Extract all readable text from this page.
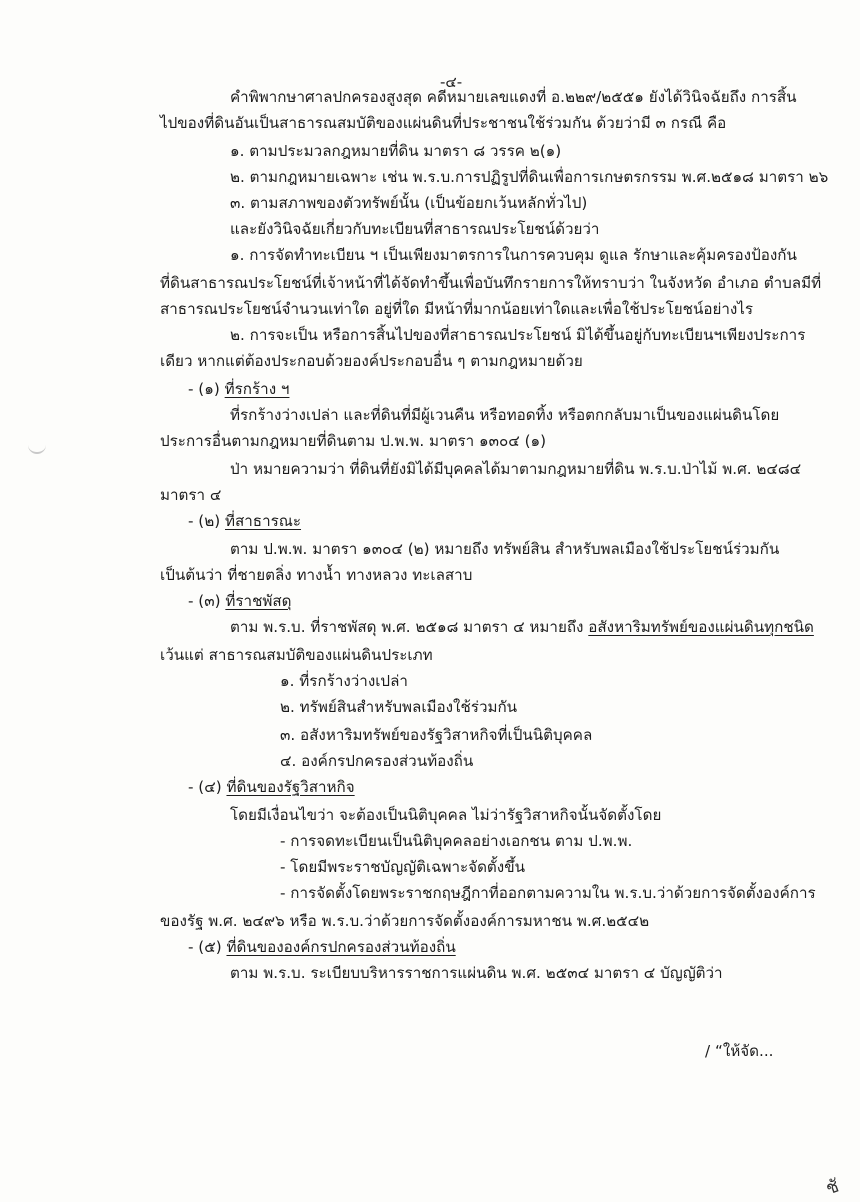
-๔-
คำพิพากษาศาลปกครองสูงสุด คดีหมายเลขแดงที่ อ.๒๒๙/๒๕๕๑ ยังได้วินิจฉัยถึง การสิ้น
ไปของที่ดินอันเป็นสาธารณสมบัติของแผ่นดินที่ประชาชนใช้ร่วมกัน ด้วยว่ามี ๓ กรณี คือ
๑. ตามประมวลกฎหมายที่ดิน มาตรา ๘ วรรค ๒(๑)
๒. ตามกฎหมายเฉพาะ เช่น พ.ร.บ.การปฏิรูปที่ดินเพื่อการเกษตรกรรม พ.ศ.๒๕๑๘ มาตรา ๒๖
๓. ตามสภาพของตัวทรัพย์นั้น (เป็นข้อยกเว้นหลักทั่วไป)
และยังวินิจฉัยเกี่ยวกับทะเบียนที่สาธารณประโยชน์ด้วยว่า
๑. การจัดทำทะเบียน ฯ เป็นเพียงมาตรการในการควบคุม ดูแล รักษาและคุ้มครองป้องกัน
ที่ดินสาธารณประโยชน์ที่เจ้าหน้าที่ได้จัดทำขึ้นเพื่อบันทึกรายการให้ทราบว่า ในจังหวัด อำเภอ ตำบลมีที่
สาธารณประโยชน์จำนวนเท่าใด อยู่ที่ใด มีหน้าที่มากน้อยเท่าใดและเพื่อใช้ประโยชน์อย่างไร
๒. การจะเป็น หรือการสิ้นไปของที่สาธารณประโยชน์ มิได้ขึ้นอยู่กับทะเบียนฯเพียงประการ
เดียว หากแต่ต้องประกอบด้วยองค์ประกอบอื่น ๆ ตามกฎหมายด้วย
- (๑) ที่รกร้าง ฯ
ที่รกร้างว่างเปล่า และที่ดินที่มีผู้เวนคืน หรือทอดทิ้ง หรือตกกลับมาเป็นของแผ่นดินโดย
ประการอื่นตามกฎหมายที่ดินตาม ป.พ.พ. มาตรา ๑๓๐๔ (๑)
ป่า หมายความว่า ที่ดินที่ยังมิได้มีบุคคลได้มาตามกฎหมายที่ดิน พ.ร.บ.ป่าไม้ พ.ศ. ๒๔๘๔
มาตรา ๔
- (๒) ที่สาธารณะ
ตาม ป.พ.พ. มาตรา ๑๓๐๔ (๒) หมายถึง ทรัพย์สิน สำหรับพลเมืองใช้ประโยชน์ร่วมกัน
เป็นต้นว่า ที่ชายตลิ่ง ทางน้ำ ทางหลวง ทะเลสาบ
- (๓) ที่ราชพัสดุ
ตาม พ.ร.บ. ที่ราชพัสดุ พ.ศ. ๒๕๑๘ มาตรา ๔ หมายถึง อสังหาริมทรัพย์ของแผ่นดินทุกชนิด
เว้นแต่ สาธารณสมบัติของแผ่นดินประเภท
๑. ที่รกร้างว่างเปล่า
๒. ทรัพย์สินสำหรับพลเมืองใช้ร่วมกัน
๓. อสังหาริมทรัพย์ของรัฐวิสาหกิจที่เป็นนิติบุคคล
๔. องค์กรปกครองส่วนท้องถิ่น
- (๔) ที่ดินของรัฐวิสาหกิจ
โดยมีเงื่อนไขว่า จะต้องเป็นนิติบุคคล ไม่ว่ารัฐวิสาหกิจนั้นจัดตั้งโดย
- การจดทะเบียนเป็นนิติบุคคลอย่างเอกชน ตาม ป.พ.พ.
- โดยมีพระราชบัญญัติเฉพาะจัดตั้งขึ้น
- การจัดตั้งโดยพระราชกฤษฎีกาที่ออกตามความใน พ.ร.บ.ว่าด้วยการจัดตั้งองค์การ
ของรัฐ พ.ศ. ๒๔๙๖ หรือ พ.ร.บ.ว่าด้วยการจัดตั้งองค์การมหาชน พ.ศ.๒๕๔๒
- (๕) ที่ดินขององค์กรปกครองส่วนท้องถิ่น
ตาม พ.ร.บ. ระเบียบบริหารราชการแผ่นดิน พ.ศ. ๒๕๓๔ มาตรา ๔ บัญญัติว่า
/ “ให้จัด...
ชั
